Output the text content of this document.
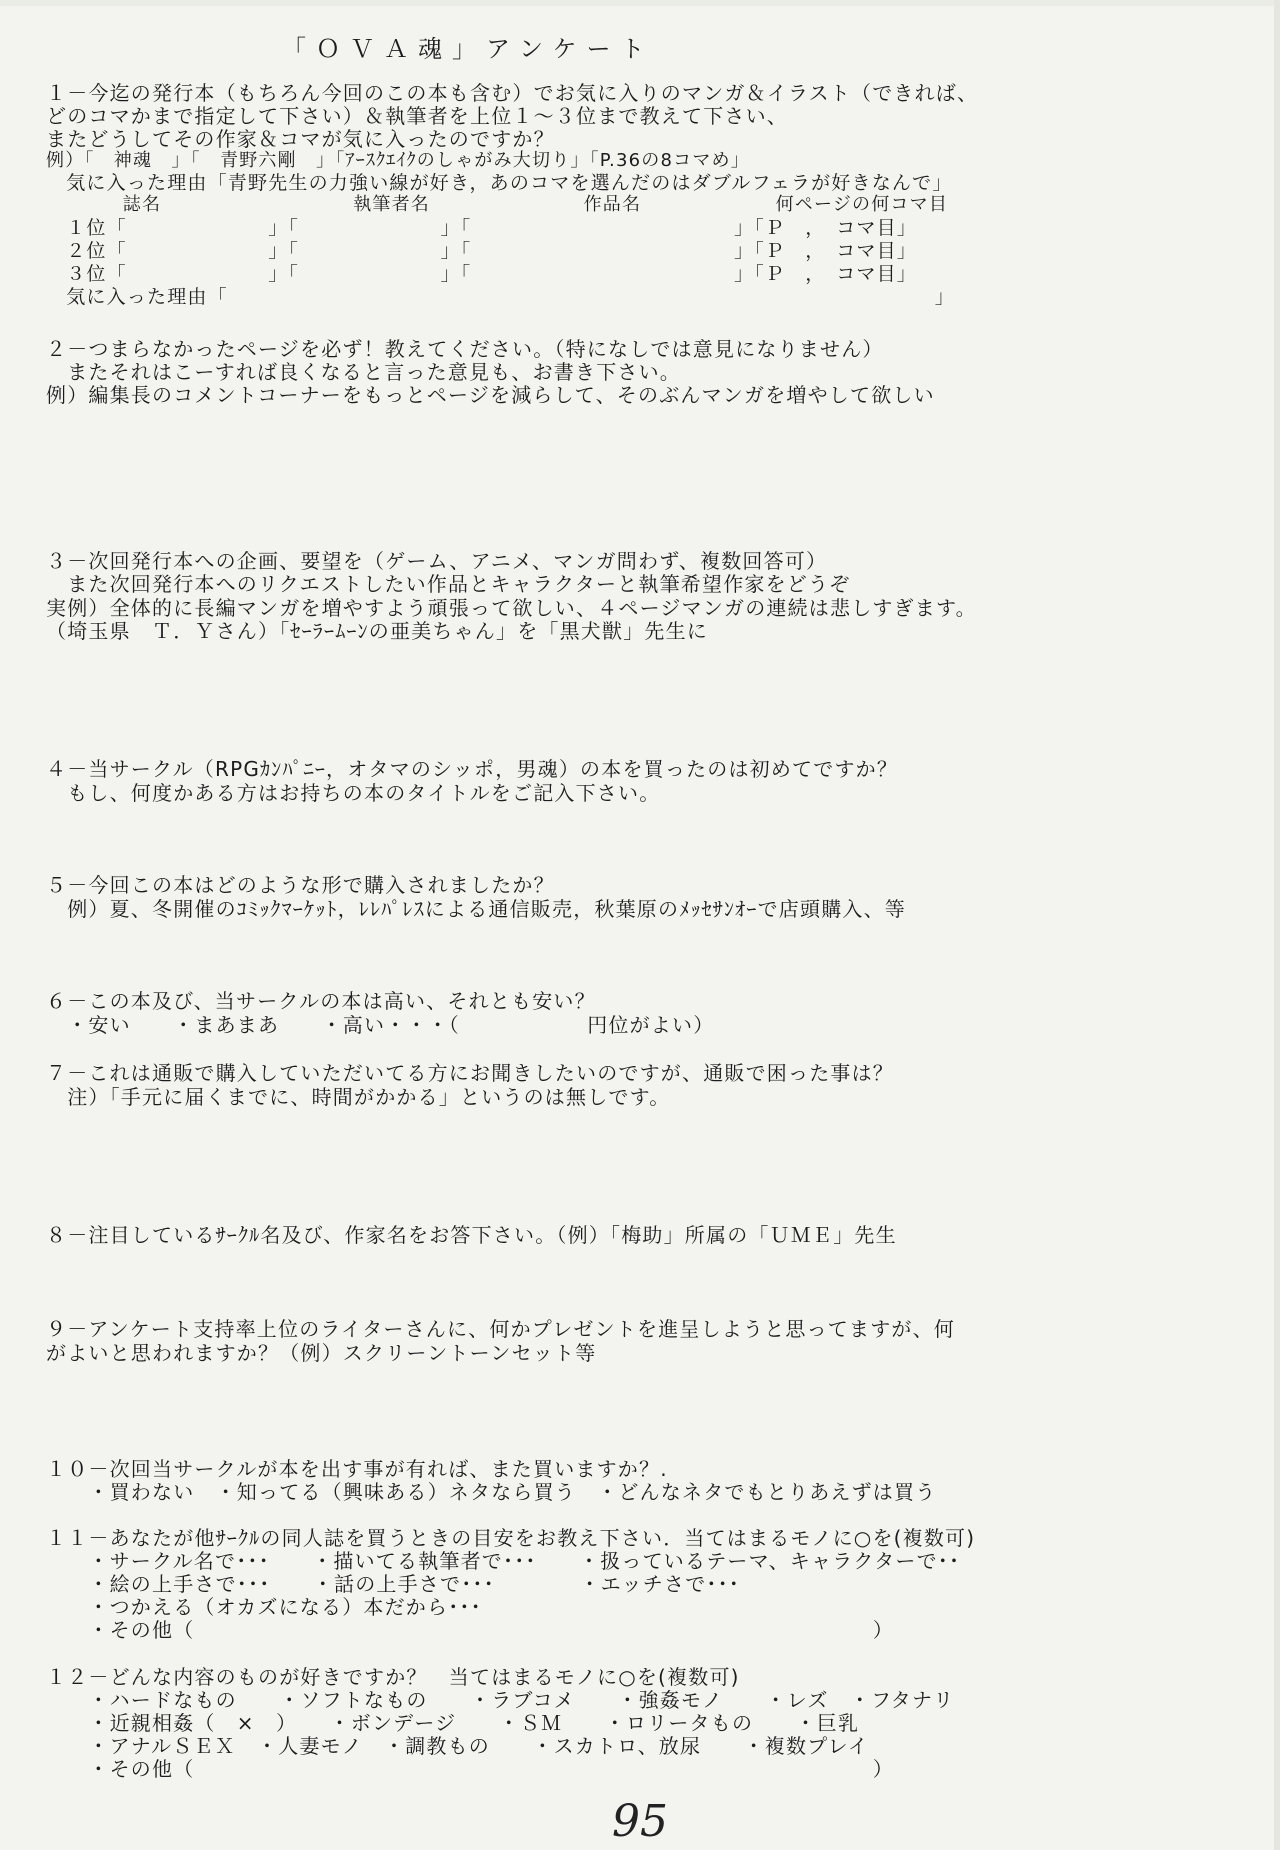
「ＯＶＡ魂」アンケート
１－今迄の発行本（もちろん今回のこの本も含む）でお気に入りのマンガ＆イラスト（できれば、
どのコマかまで指定して下さい）＆執筆者を上位１～３位まで教えて下さい、
またどうしてその作家＆コマが気に入ったのですか？
例）「　神魂　」「　青野六剛　」「ｱｰｽｸｴｲｸのしゃがみ大切り」「P.36の8コマめ」
　気に入った理由「青野先生の力強い線が好き，あのコマを選んだのはダブルフェラが好きなんで」
　　　　誌名　　　　　　　　　　執筆者名　　　　　　　　作品名　　　　　　　何ページの何コマ目
　１位「　　　　　　　」「　　　　　　　」「　　　　　　　　　　　　　」「Ｐ　，　コマ目」
　２位「　　　　　　　」「　　　　　　　」「　　　　　　　　　　　　　」「Ｐ　，　コマ目」
　３位「　　　　　　　」「　　　　　　　」「　　　　　　　　　　　　　」「Ｐ　，　コマ目」
　気に入った理由「　　　　　　　　　　　　　　　　　　　　　　　　　　　　　　　　　　　」
２－つまらなかったページを必ず！教えてください。（特になしでは意見になりません）
　またそれはこーすれば良くなると言った意見も、お書き下さい。
例）編集長のコメントコーナーをもっとページを減らして、そのぶんマンガを増やして欲しい
３－次回発行本への企画、要望を（ゲーム、アニメ、マンガ問わず、複数回答可）
　また次回発行本へのリクエストしたい作品とキャラクターと執筆希望作家をどうぞ
実例）全体的に長編マンガを増やすよう頑張って欲しい、４ページマンガの連続は悲しすぎます。
（埼玉県　Ｔ．Ｙさん）「ｾｰﾗｰﾑｰﾝの亜美ちゃん」を「黒犬獣」先生に
４－当サークル（RPGｶﾝﾊﾟﾆｰ，オタマのシッポ，男魂）の本を買ったのは初めてですか？
　もし、何度かある方はお持ちの本のタイトルをご記入下さい。
５－今回この本はどのような形で購入されましたか？
　例）夏、冬開催のｺﾐｯｸﾏｰｹｯﾄ，ﾚﾚﾊﾟﾚｽによる通信販売，秋葉原のﾒｯｾｻﾝｵｰで店頭購入、等
６－この本及び、当サークルの本は高い、それとも安い？
　・安い　　・まあまあ　　・高い・・・（　　　　　　円位がよい）
７－これは通販で購入していただいてる方にお聞きしたいのですが、通販で困った事は？
　注）「手元に届くまでに、時間がかかる」というのは無しです。
８－注目しているｻｰｸﾙ名及び、作家名をお答下さい。（例）「梅助」所属の「ＵＭＥ」先生
９－アンケート支持率上位のライターさんに、何かプレゼントを進呈しようと思ってますが、何
がよいと思われますか？（例）スクリーントーンセット等
１０－次回当サークルが本を出す事が有れば、また買いますか？.
　　・買わない　・知ってる（興味ある）ネタなら買う　・どんなネタでもとりあえずは買う
１１－あなたが他ｻｰｸﾙの同人誌を買うときの目安をお教え下さい．当てはまるモノに○を(複数可)
　　・サークル名で･･･　　・描いてる執筆者で･･･　　・扱っているテーマ、キャラクターで･･
　　・絵の上手さで･･･　　・話の上手さで･･･　　　　・エッチさで･･･
　　・つかえる（オカズになる）本だから･･･
　　・その他（　　　　　　　　　　　　　　　　　　　　　　　　　　　　　　　　）
１２－どんな内容のものが好きですか？　当てはまるモノに○を(複数可)
　　・ハードなもの　　・ソフトなもの　　・ラブコメ　　・強姦モノ　　・レズ　・フタナリ
　　・近親相姦（　×　）　　・ボンデージ　　・ＳＭ　　・ロリータもの　　・巨乳
　　・アナルＳＥＸ　・人妻モノ　・調教もの　　・スカトロ、放尿　　・複数プレイ
　　・その他（　　　　　　　　　　　　　　　　　　　　　　　　　　　　　　　　）
95
